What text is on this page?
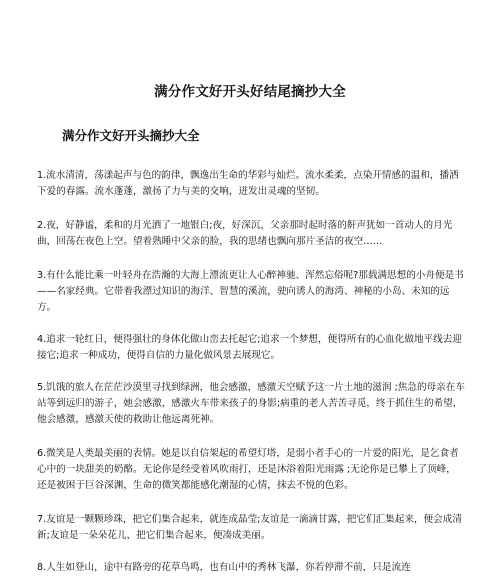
满分作文好开头好结尾摘抄大全
满分作文好开头摘抄大全

1.流水清清，荡漾起声与色的韵律，飘逸出生命的华彩与灿烂。流水柔柔，点染开情感的温和，播洒下爱的春露。流水蓬蓬，激扬了力与美的交响，迸发出灵魂的坚韧。

2.夜，好静谧，柔和的月光洒了一地银白;夜，好深沉，父亲那时起时落的鼾声犹如一首动人的月光曲，回荡在夜色上空。望着熟睡中父亲的脸，我的思绪也飘向那片圣洁的夜空……

3.有什么能比乘一叶轻舟在浩瀚的大海上漂流更让人心醉神驰、浑然忘俗呢?那载满思想的小舟便是书——名家经典。它带着我漂过知识的海洋、智慧的溪流，驶向诱人的海湾、神秘的小岛、未知的远方。

4.追求一轮红日，便得强壮的身体化做山峦去托起它;追求一个梦想，便得所有的心血化做地平线去迎接它;追求一种成功，便得自信的力量化做风景去展现它。

5.饥饿的旅人在茫茫沙漠里寻找到绿洲，他会感激，感激天空赋予这一片土地的滋润 ;焦急的母亲在车站等到远归的游子，她会感激，感激火车带来孩子的身影;病重的老人苦苦寻觅，终于抓住生的希望，他会感激，感激天使的救助让他远离死神。

6.微笑是人类最美丽的表情。她是以自信架起的希望灯塔，是弱小者手心的一片爱的阳光，是乞食者心中的一块甜美的奶酪。无论你是经受着风吹雨打，还是沐浴着阳光雨露 ;无论你是已攀上了顶峰，还是被困于巨谷深渊，生命的微笑都能感化潮湿的心情，抹去不悦的色彩。

7.友谊是一颗颗珍珠，把它们集合起来，就连成晶莹;友谊是一滴滴甘露，把它们汇集起来，便会成清新;友谊是一朵朵花儿，把它们集合起来，便凑成美丽。

8.人生如登山，途中有路旁的花草鸟鸣，也有山中的秀林飞瀑，你若停滞不前，只是流连
